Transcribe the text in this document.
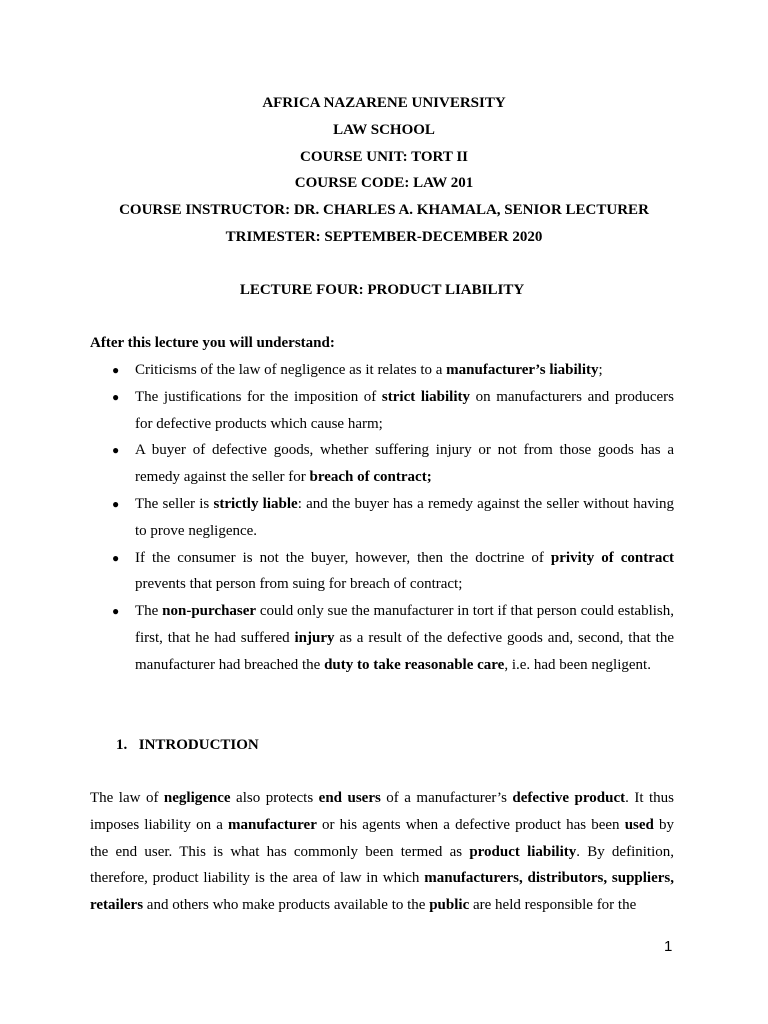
AFRICA NAZARENE UNIVERSITY
LAW SCHOOL
COURSE UNIT: TORT II
COURSE CODE: LAW 201
COURSE INSTRUCTOR: DR. CHARLES A. KHAMALA, SENIOR LECTURER
TRIMESTER: SEPTEMBER-DECEMBER 2020
LECTURE FOUR: PRODUCT LIABILITY
After this lecture you will understand:
● Criticisms of the law of negligence as it relates to a manufacturer’s liability;
● The justifications for the imposition of strict liability on manufacturers and producers for defective products which cause harm;
● A buyer of defective goods, whether suffering injury or not from those goods has a remedy against the seller for breach of contract;
● The seller is strictly liable: and the buyer has a remedy against the seller without having to prove negligence.
● If the consumer is not the buyer, however, then the doctrine of privity of contract prevents that person from suing for breach of contract;
● The non-purchaser could only sue the manufacturer in tort if that person could establish, first, that he had suffered injury as a result of the defective goods and, second, that the manufacturer had breached the duty to take reasonable care, i.e. had been negligent.
1. INTRODUCTION

The law of negligence also protects end users of a manufacturer’s defective product. It thus imposes liability on a manufacturer or his agents when a defective product has been used by the end user. This is what has commonly been termed as product liability. By definition, therefore, product liability is the area of law in which manufacturers, distributors, suppliers, retailers and others who make products available to the public are held responsible for the

1
